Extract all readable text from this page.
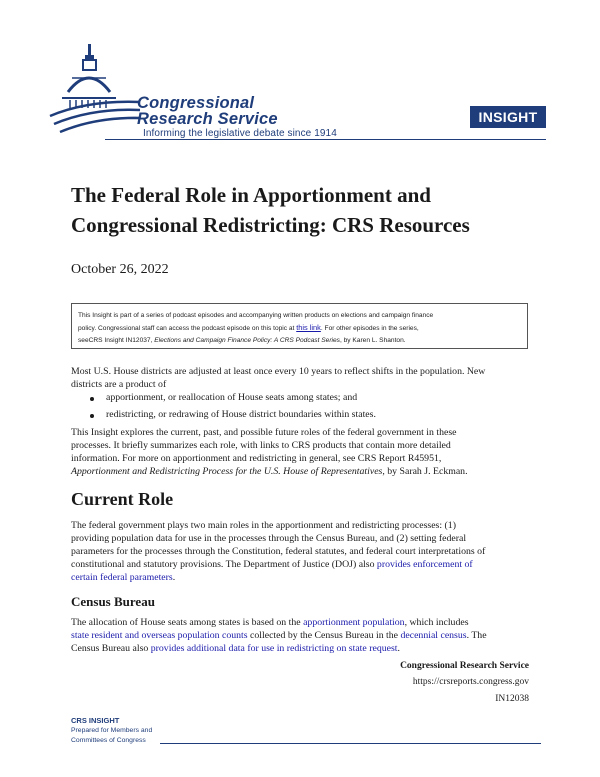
Congressional
Research Service
Informing the legislative debate since 1914
INSIGHT
The Federal Role in Apportionment and
Congressional Redistricting: CRS Resources
October 26, 2022
This Insight is part of a series of podcast episodes and accompanying written products on elections and campaign finance
policy. Congressional staff can access the podcast episode on this topic at this link. For other episodes in the series,
seeCRS Insight IN12037, Elections and Campaign Finance Policy: A CRS Podcast Series, by Karen L. Shanton.
Most U.S. House districts are adjusted at least once every 10 years to reflect shifts in the population. New
districts are a product of
apportionment, or reallocation of House seats among states; and
redistricting, or redrawing of House district boundaries within states.
This Insight explores the current, past, and possible future roles of the federal government in these
processes. It briefly summarizes each role, with links to CRS products that contain more detailed
information. For more on apportionment and redistricting in general, see CRS Report R45951,
Apportionment and Redistricting Process for the U.S. House of Representatives, by Sarah J. Eckman.
Current Role
The federal government plays two main roles in the apportionment and redistricting processes: (1)
providing population data for use in the processes through the Census Bureau, and (2) setting federal
parameters for the processes through the Constitution, federal statutes, and federal court interpretations of
constitutional and statutory provisions. The Department of Justice (DOJ) also provides enforcement of
certain federal parameters.
Census Bureau
The allocation of House seats among states is based on the apportionment population, which includes
state resident and overseas population counts collected by the Census Bureau in the decennial census. The
Census Bureau also provides additional data for use in redistricting on state request.
Congressional Research Service
https://crsreports.congress.gov
IN12038
CRS INSIGHT
Prepared for Members and
Committees of Congress
